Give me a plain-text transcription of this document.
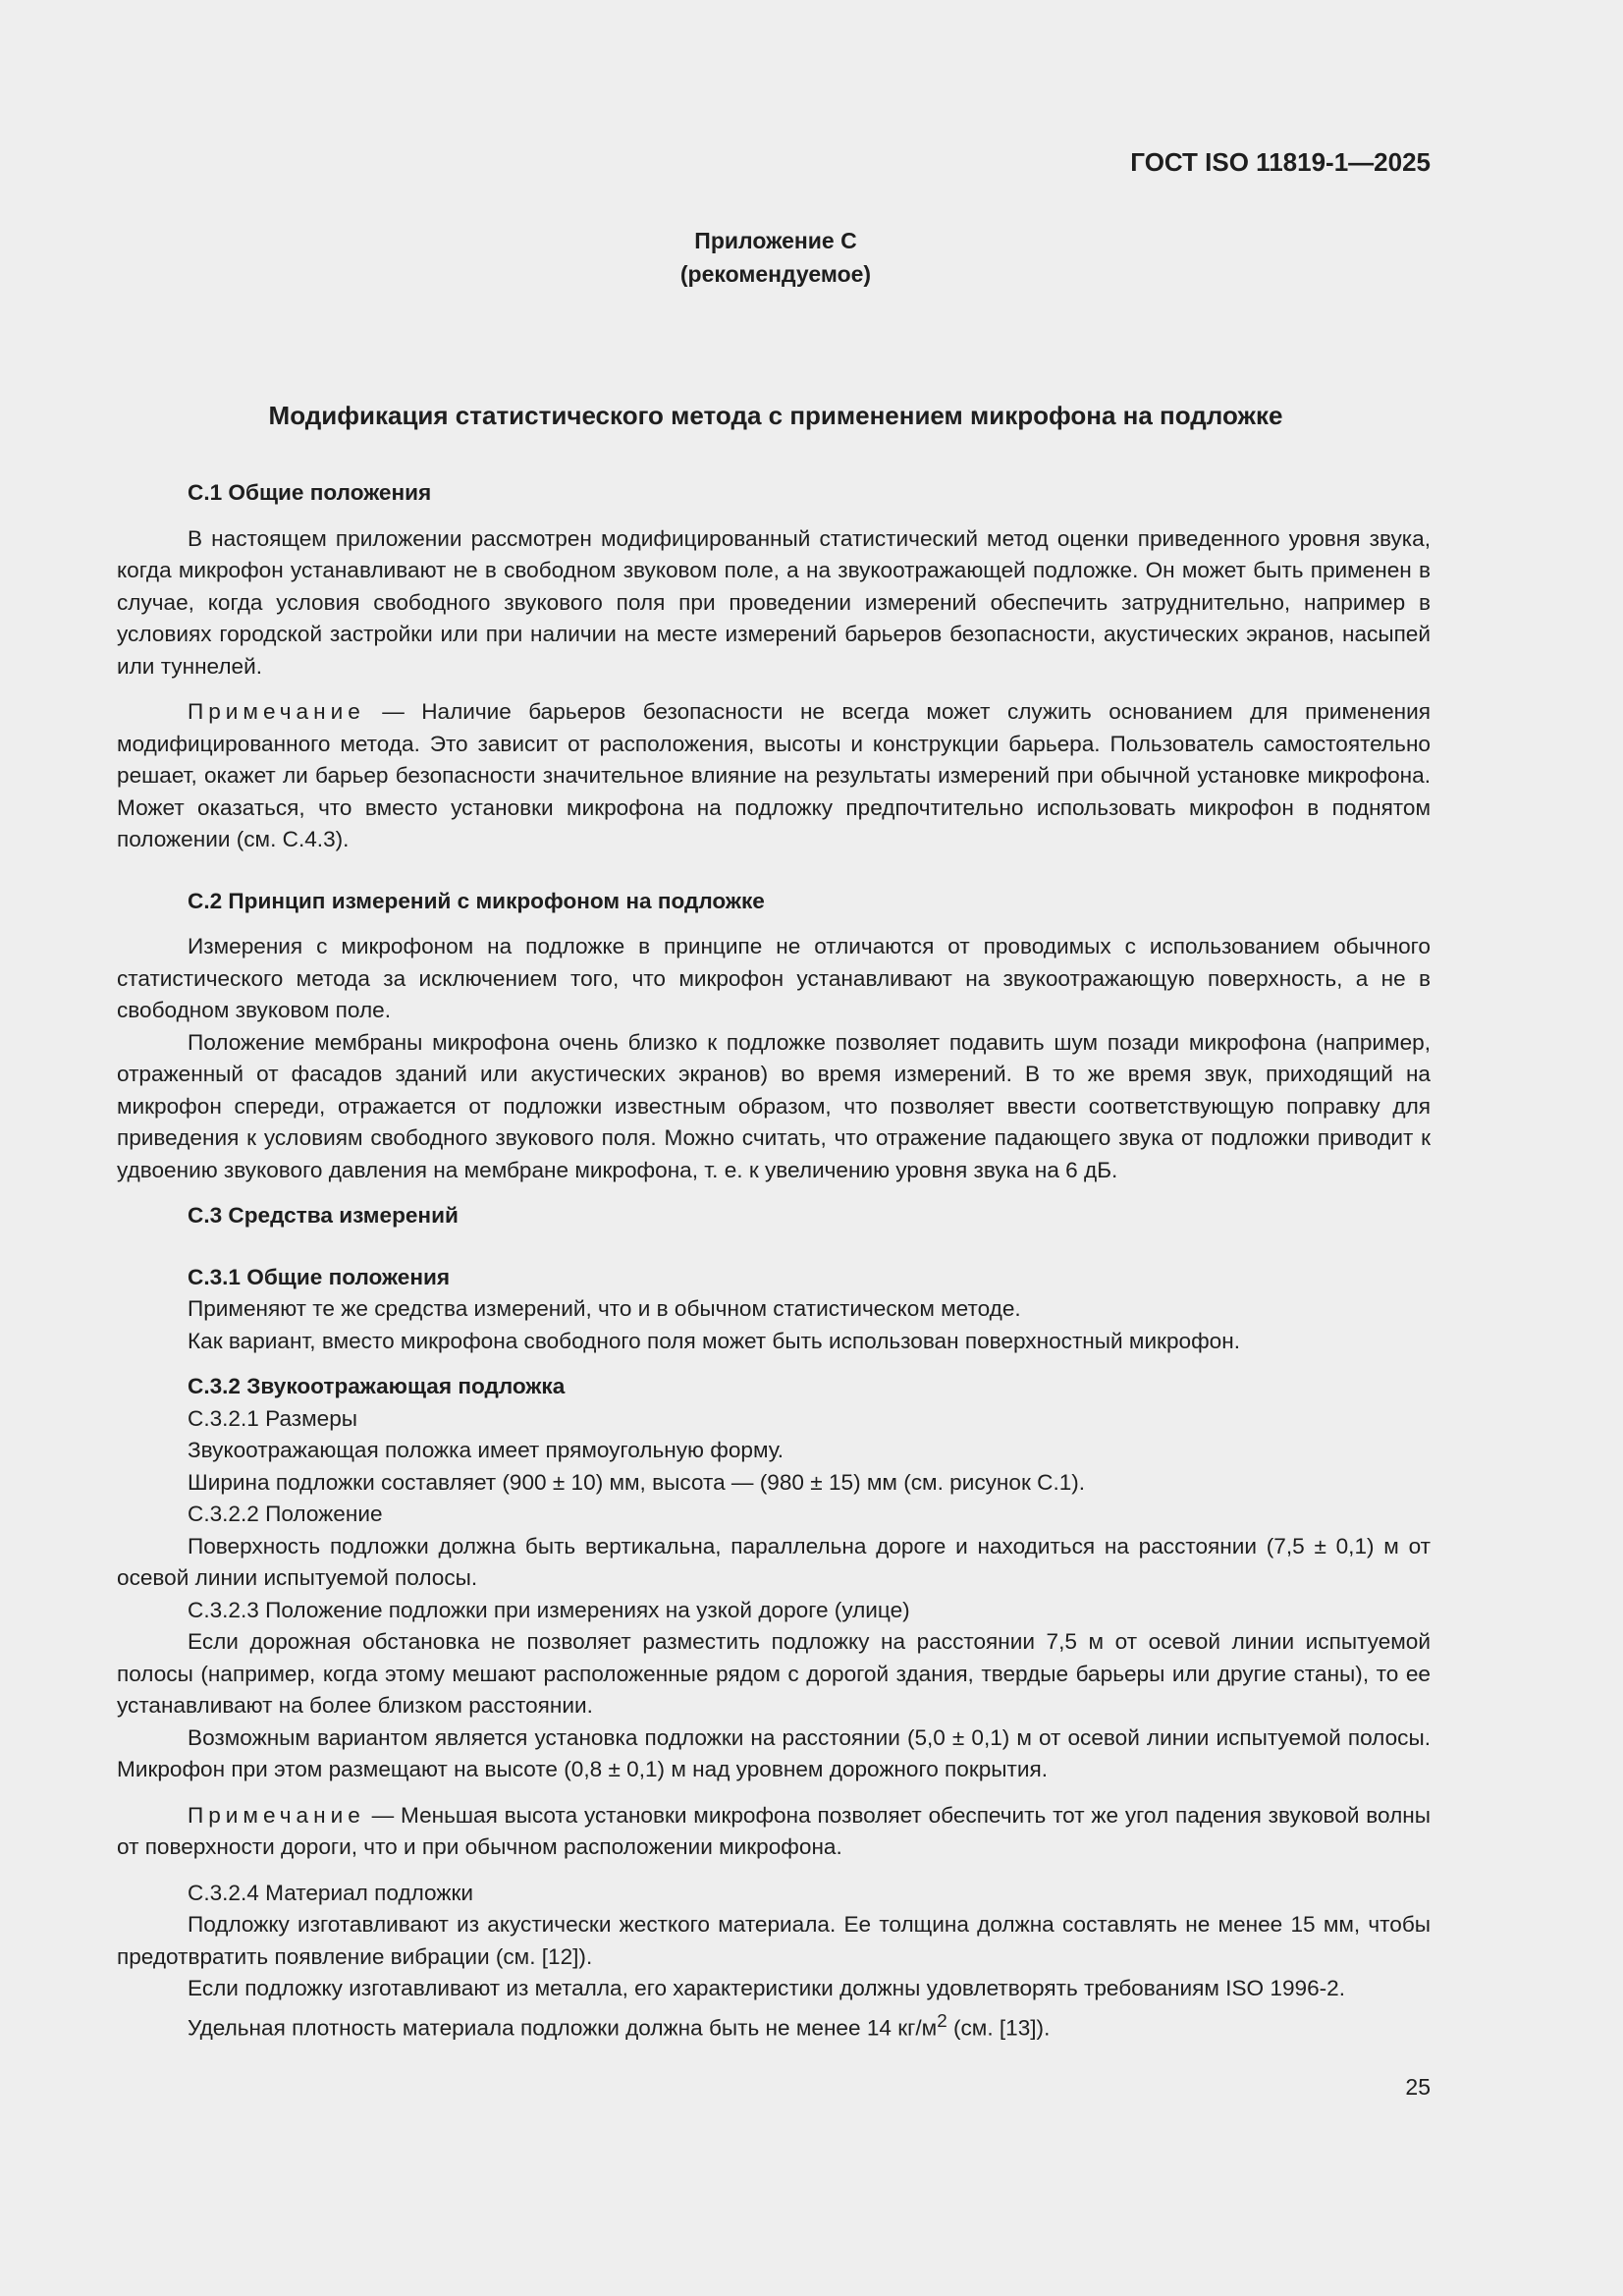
ГОСТ ISO 11819-1—2025
Приложение С
(рекомендуемое)
Модификация статистического метода с применением микрофона на подложке

С.1 Общие положения

В настоящем приложении рассмотрен модифицированный статистический метод оценки приведенного уровня звука, когда микрофон устанавливают не в свободном звуковом поле, а на звукоотражающей подложке. Он может быть применен в случае, когда условия свободного звукового поля при проведении измерений обеспечить затруднительно, например в условиях городской застройки или при наличии на месте измерений барьеров безопасности, акустических экранов, насыпей или туннелей.

Примечание — Наличие барьеров безопасности не всегда может служить основанием для применения модифицированного метода. Это зависит от расположения, высоты и конструкции барьера. Пользователь самостоятельно решает, окажет ли барьер безопасности значительное влияние на результаты измерений при обычной установке микрофона. Может оказаться, что вместо установки микрофона на подложку предпочтительно использовать микрофон в поднятом положении (см. С.4.3).

С.2 Принцип измерений с микрофоном на подложке

Измерения с микрофоном на подложке в принципе не отличаются от проводимых с использованием обычного статистического метода за исключением того, что микрофон устанавливают на звукоотражающую поверхность, а не в свободном звуковом поле.

Положение мембраны микрофона очень близко к подложке позволяет подавить шум позади микрофона (например, отраженный от фасадов зданий или акустических экранов) во время измерений. В то же время звук, приходящий на микрофон спереди, отражается от подложки известным образом, что позволяет ввести соответствующую поправку для приведения к условиям свободного звукового поля. Можно считать, что отражение падающего звука от подложки приводит к удвоению звукового давления на мембране микрофона, т. е. к увеличению уровня звука на 6 дБ.

С.3 Средства измерений

С.3.1 Общие положения

Применяют те же средства измерений, что и в обычном статистическом методе.

Как вариант, вместо микрофона свободного поля может быть использован поверхностный микрофон.

С.3.2 Звукоотражающая подложка

С.3.2.1 Размеры

Звукоотражающая положка имеет прямоугольную форму.

Ширина подложки составляет (900 ± 10) мм, высота — (980 ± 15) мм (см. рисунок С.1).

С.3.2.2 Положение

Поверхность подложки должна быть вертикальна, параллельна дороге и находиться на расстоянии (7,5 ± 0,1) м от осевой линии испытуемой полосы.

С.3.2.3 Положение подложки при измерениях на узкой дороге (улице)

Если дорожная обстановка не позволяет разместить подложку на расстоянии 7,5 м от осевой линии испытуемой полосы (например, когда этому мешают расположенные рядом с дорогой здания, твердые барьеры или другие станы), то ее устанавливают на более близком расстоянии.

Возможным вариантом является установка подложки на расстоянии (5,0 ± 0,1) м от осевой линии испытуемой полосы. Микрофон при этом размещают на высоте (0,8 ± 0,1) м над уровнем дорожного покрытия.

Примечание — Меньшая высота установки микрофона позволяет обеспечить тот же угол падения звуковой волны от поверхности дороги, что и при обычном расположении микрофона.

С.3.2.4 Материал подложки

Подложку изготавливают из акустически жесткого материала. Ее толщина должна составлять не менее 15 мм, чтобы предотвратить появление вибрации (см. [12]).

Если подложку изготавливают из металла, его характеристики должны удовлетворять требованиям ISO 1996-2.

Удельная плотность материала подложки должна быть не менее 14 $кг/м^2$ (см. [13]).

25
